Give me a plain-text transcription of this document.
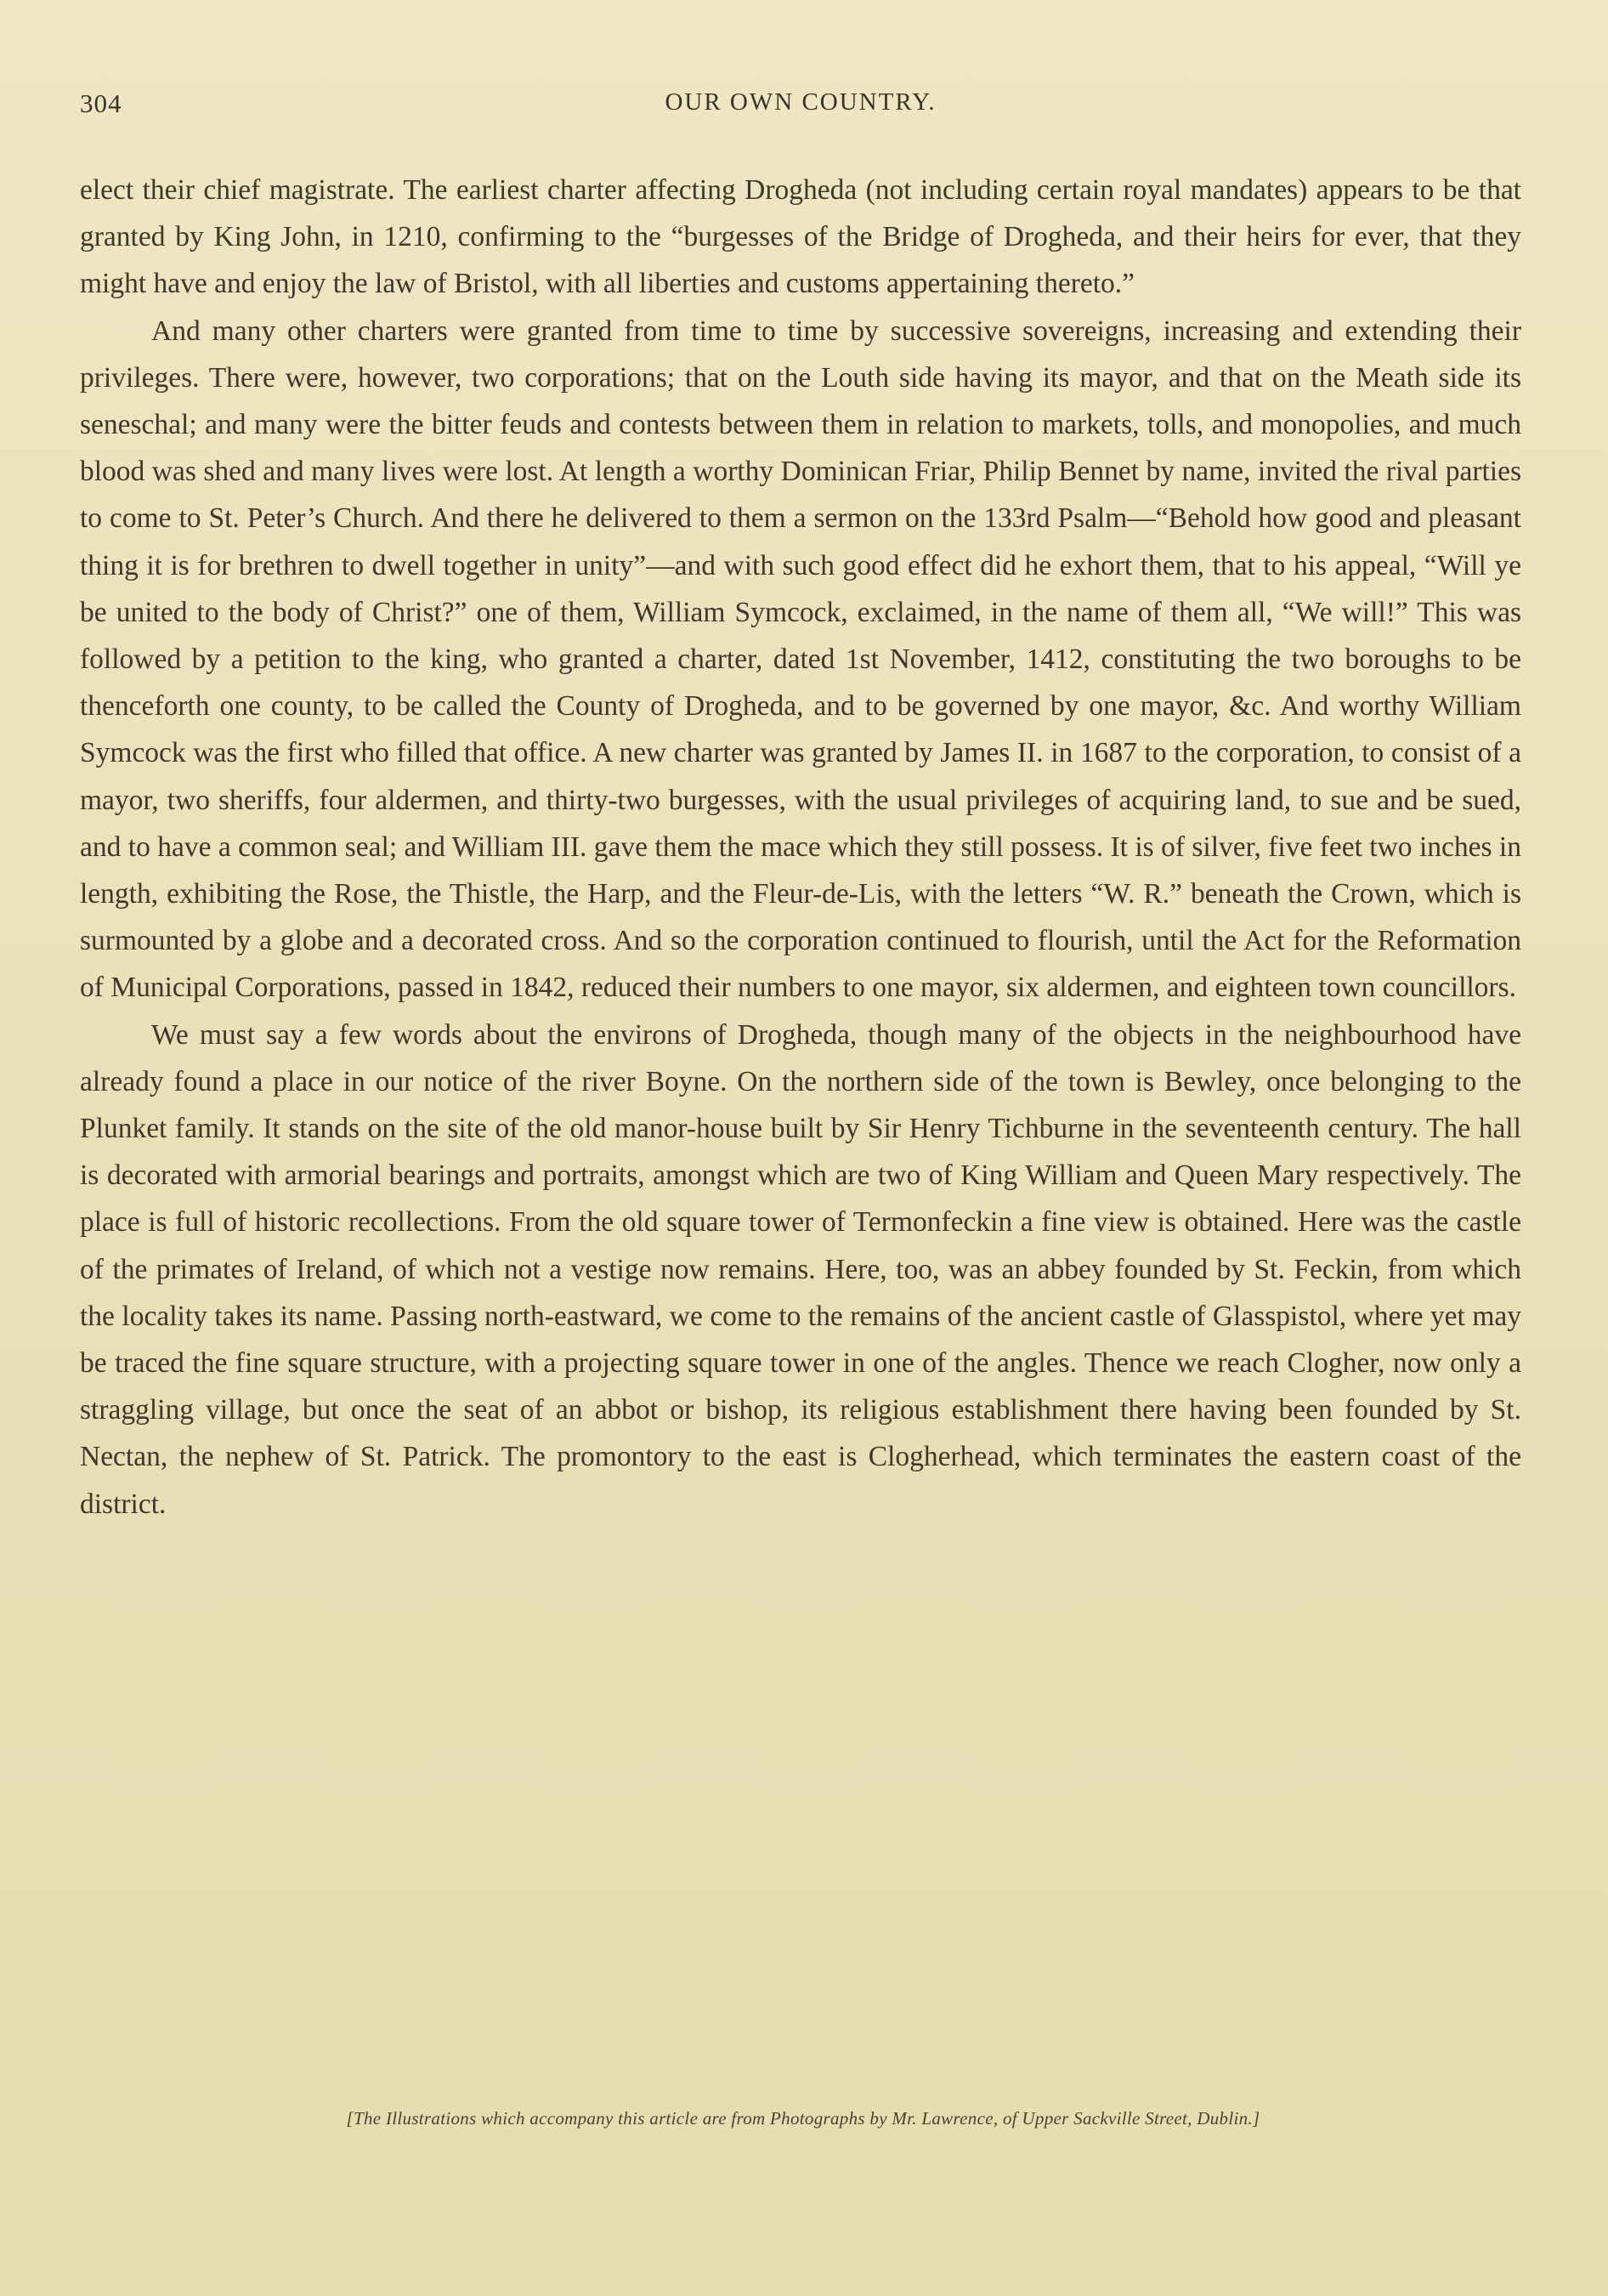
304	OUR OWN COUNTRY.

elect their chief magistrate. The earliest charter affecting Drogheda (not including certain royal mandates) appears to be that granted by King John, in 1210, confirming to the “burgesses of the Bridge of Drogheda, and their heirs for ever, that they might have and enjoy the law of Bristol, with all liberties and customs appertaining thereto.”

And many other charters were granted from time to time by successive sovereigns, increasing and extending their privileges. There were, however, two corporations; that on the Louth side having its mayor, and that on the Meath side its seneschal; and many were the bitter feuds and contests between them in relation to markets, tolls, and monopolies, and much blood was shed and many lives were lost. At length a worthy Dominican Friar, Philip Bennet by name, invited the rival parties to come to St. Peter’s Church. And there he delivered to them a sermon on the 133rd Psalm—“Behold how good and pleasant thing it is for brethren to dwell together in unity”—and with such good effect did he exhort them, that to his appeal, “Will ye be united to the body of Christ?” one of them, William Symcock, exclaimed, in the name of them all, “We will!” This was followed by a petition to the king, who granted a charter, dated 1st November, 1412, constituting the two boroughs to be thenceforth one county, to be called the County of Drogheda, and to be governed by one mayor, &c. And worthy William Symcock was the first who filled that office. A new charter was granted by James II. in 1687 to the corporation, to consist of a mayor, two sheriffs, four aldermen, and thirty-two burgesses, with the usual privileges of acquiring land, to sue and be sued, and to have a common seal; and William III. gave them the mace which they still possess. It is of silver, five feet two inches in length, exhibiting the Rose, the Thistle, the Harp, and the Fleur-de-Lis, with the letters “W. R.” beneath the Crown, which is surmounted by a globe and a decorated cross. And so the corporation continued to flourish, until the Act for the Reformation of Municipal Corporations, passed in 1842, reduced their numbers to one mayor, six aldermen, and eighteen town councillors.

We must say a few words about the environs of Drogheda, though many of the objects in the neighbourhood have already found a place in our notice of the river Boyne. On the northern side of the town is Bewley, once belonging to the Plunket family. It stands on the site of the old manor-house built by Sir Henry Tichburne in the seventeenth century. The hall is decorated with armorial bearings and portraits, amongst which are two of King William and Queen Mary respectively. The place is full of historic recollections. From the old square tower of Termonfeckin a fine view is obtained. Here was the castle of the primates of Ireland, of which not a vestige now remains. Here, too, was an abbey founded by St. Feckin, from which the locality takes its name. Passing north-eastward, we come to the remains of the ancient castle of Glasspistol, where yet may be traced the fine square structure, with a projecting square tower in one of the angles. Thence we reach Clogher, now only a straggling village, but once the seat of an abbot or bishop, its religious establishment there having been founded by St. Nectan, the nephew of St. Patrick. The promontory to the east is Clogherhead, which terminates the eastern coast of the district.

[The Illustrations which accompany this article are from Photographs by Mr. Lawrence, of Upper Sackville Street, Dublin.]
